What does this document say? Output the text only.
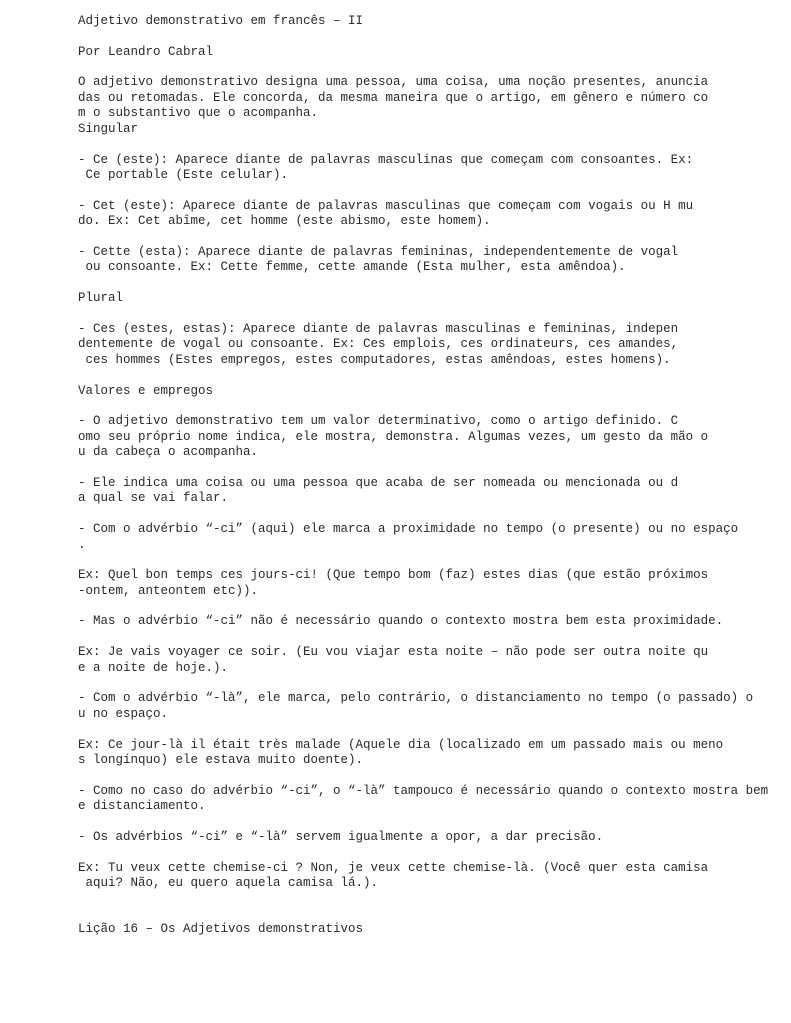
Adjetivo demonstrativo em francês – II
Por Leandro Cabral
O adjetivo demonstrativo designa uma pessoa, uma coisa, uma noção presentes, anuncia
das ou retomadas. Ele concorda, da mesma maneira que o artigo, em gênero e número co
m o substantivo que o acompanha.
Singular
- Ce (este): Aparece diante de palavras masculinas que começam com consoantes. Ex:
Ce portable (Este celular).
- Cet (este): Aparece diante de palavras masculinas que começam com vogais ou H mu
do. Ex: Cet abîme, cet homme (este abismo, este homem).
- Cette (esta): Aparece diante de palavras femininas, independentemente de vogal
ou consoante. Ex: Cette femme, cette amande (Esta mulher, esta amêndoa).
Plural
- Ces (estes, estas): Aparece diante de palavras masculinas e femininas, indepen
dentemente de vogal ou consoante. Ex: Ces emplois, ces ordinateurs, ces amandes,
ces hommes (Estes empregos, estes computadores, estas amêndoas, estes homens).
Valores e empregos
- O adjetivo demonstrativo tem um valor determinativo, como o artigo definido. C
omo seu próprio nome indica, ele mostra, demonstra. Algumas vezes, um gesto da mão o
u da cabeça o acompanha.
- Ele indica uma coisa ou uma pessoa que acaba de ser nomeada ou mencionada ou d
a qual se vai falar.
- Com o advérbio “-ci” (aqui) ele marca a proximidade no tempo (o presente) ou no espaço
.
Ex: Quel bon temps ces jours-ci! (Que tempo bom (faz) estes dias (que estão próximos
-ontem, anteontem etc)).
- Mas o advérbio “-ci” não é necessário quando o contexto mostra bem esta proximidade.
Ex: Je vais voyager ce soir. (Eu vou viajar esta noite – não pode ser outra noite qu
e a noite de hoje.).
- Com o advérbio “-là”, ele marca, pelo contrário, o distanciamento no tempo (o passado) o
u no espaço.
Ex: Ce jour-là il était très malade (Aquele dia (localizado em um passado mais ou meno
s longínquo) ele estava muito doente).
- Como no caso do advérbio “-ci”, o “-là” tampouco é necessário quando o contexto mostra bem
e distanciamento.
- Os advérbios “-ci” e “-là” servem igualmente a opor, a dar precisão.
Ex: Tu veux cette chemise-ci ? Non, je veux cette chemise-là. (Você quer esta camisa
aqui? Não, eu quero aquela camisa lá.).
Lição 16 – Os Adjetivos demonstrativos
